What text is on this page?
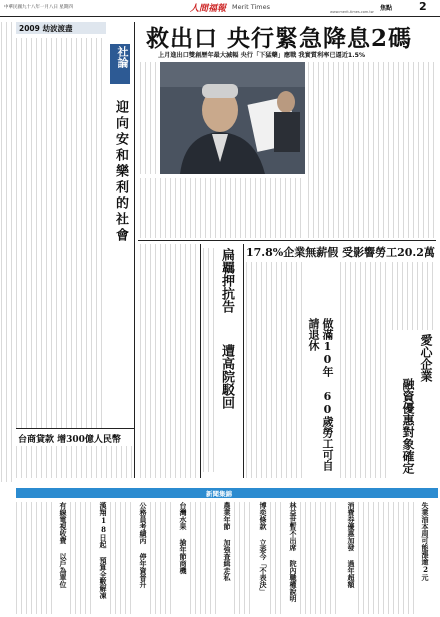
中華民國九十八年一月八日 星期四	人間福報 Merit Times	焦點
www.merit-times.com.tw	2
2009 劫波渡盡
社論
迎向安和樂利的社會
救出口 央行緊急降息2碼
上月進出口雙創歷年最大減幅 央行「下猛藥」應戰 我實質利率已逼近1.5%
17.8%企業無薪假 受影響勞工20.2萬
扁羈押抗告
遭高院駁回	做滿10年 60歲勞工可自請退休	愛心企業
融資優惠對象確定
台商貸款 增300億人民幣
新聞集錦
有線電視收費 以戶為單位	漢翔18日起 預算全數解凍	公務員考績丙 停年資晉升	台灣水果 搶年節商機	農業年節 加強查緝走私	博奕條款 立委今「不表決」	林益世暫不出席 院內職權說明	消費券優惠加發 過年超額	失業油本周可能漲逾2元
